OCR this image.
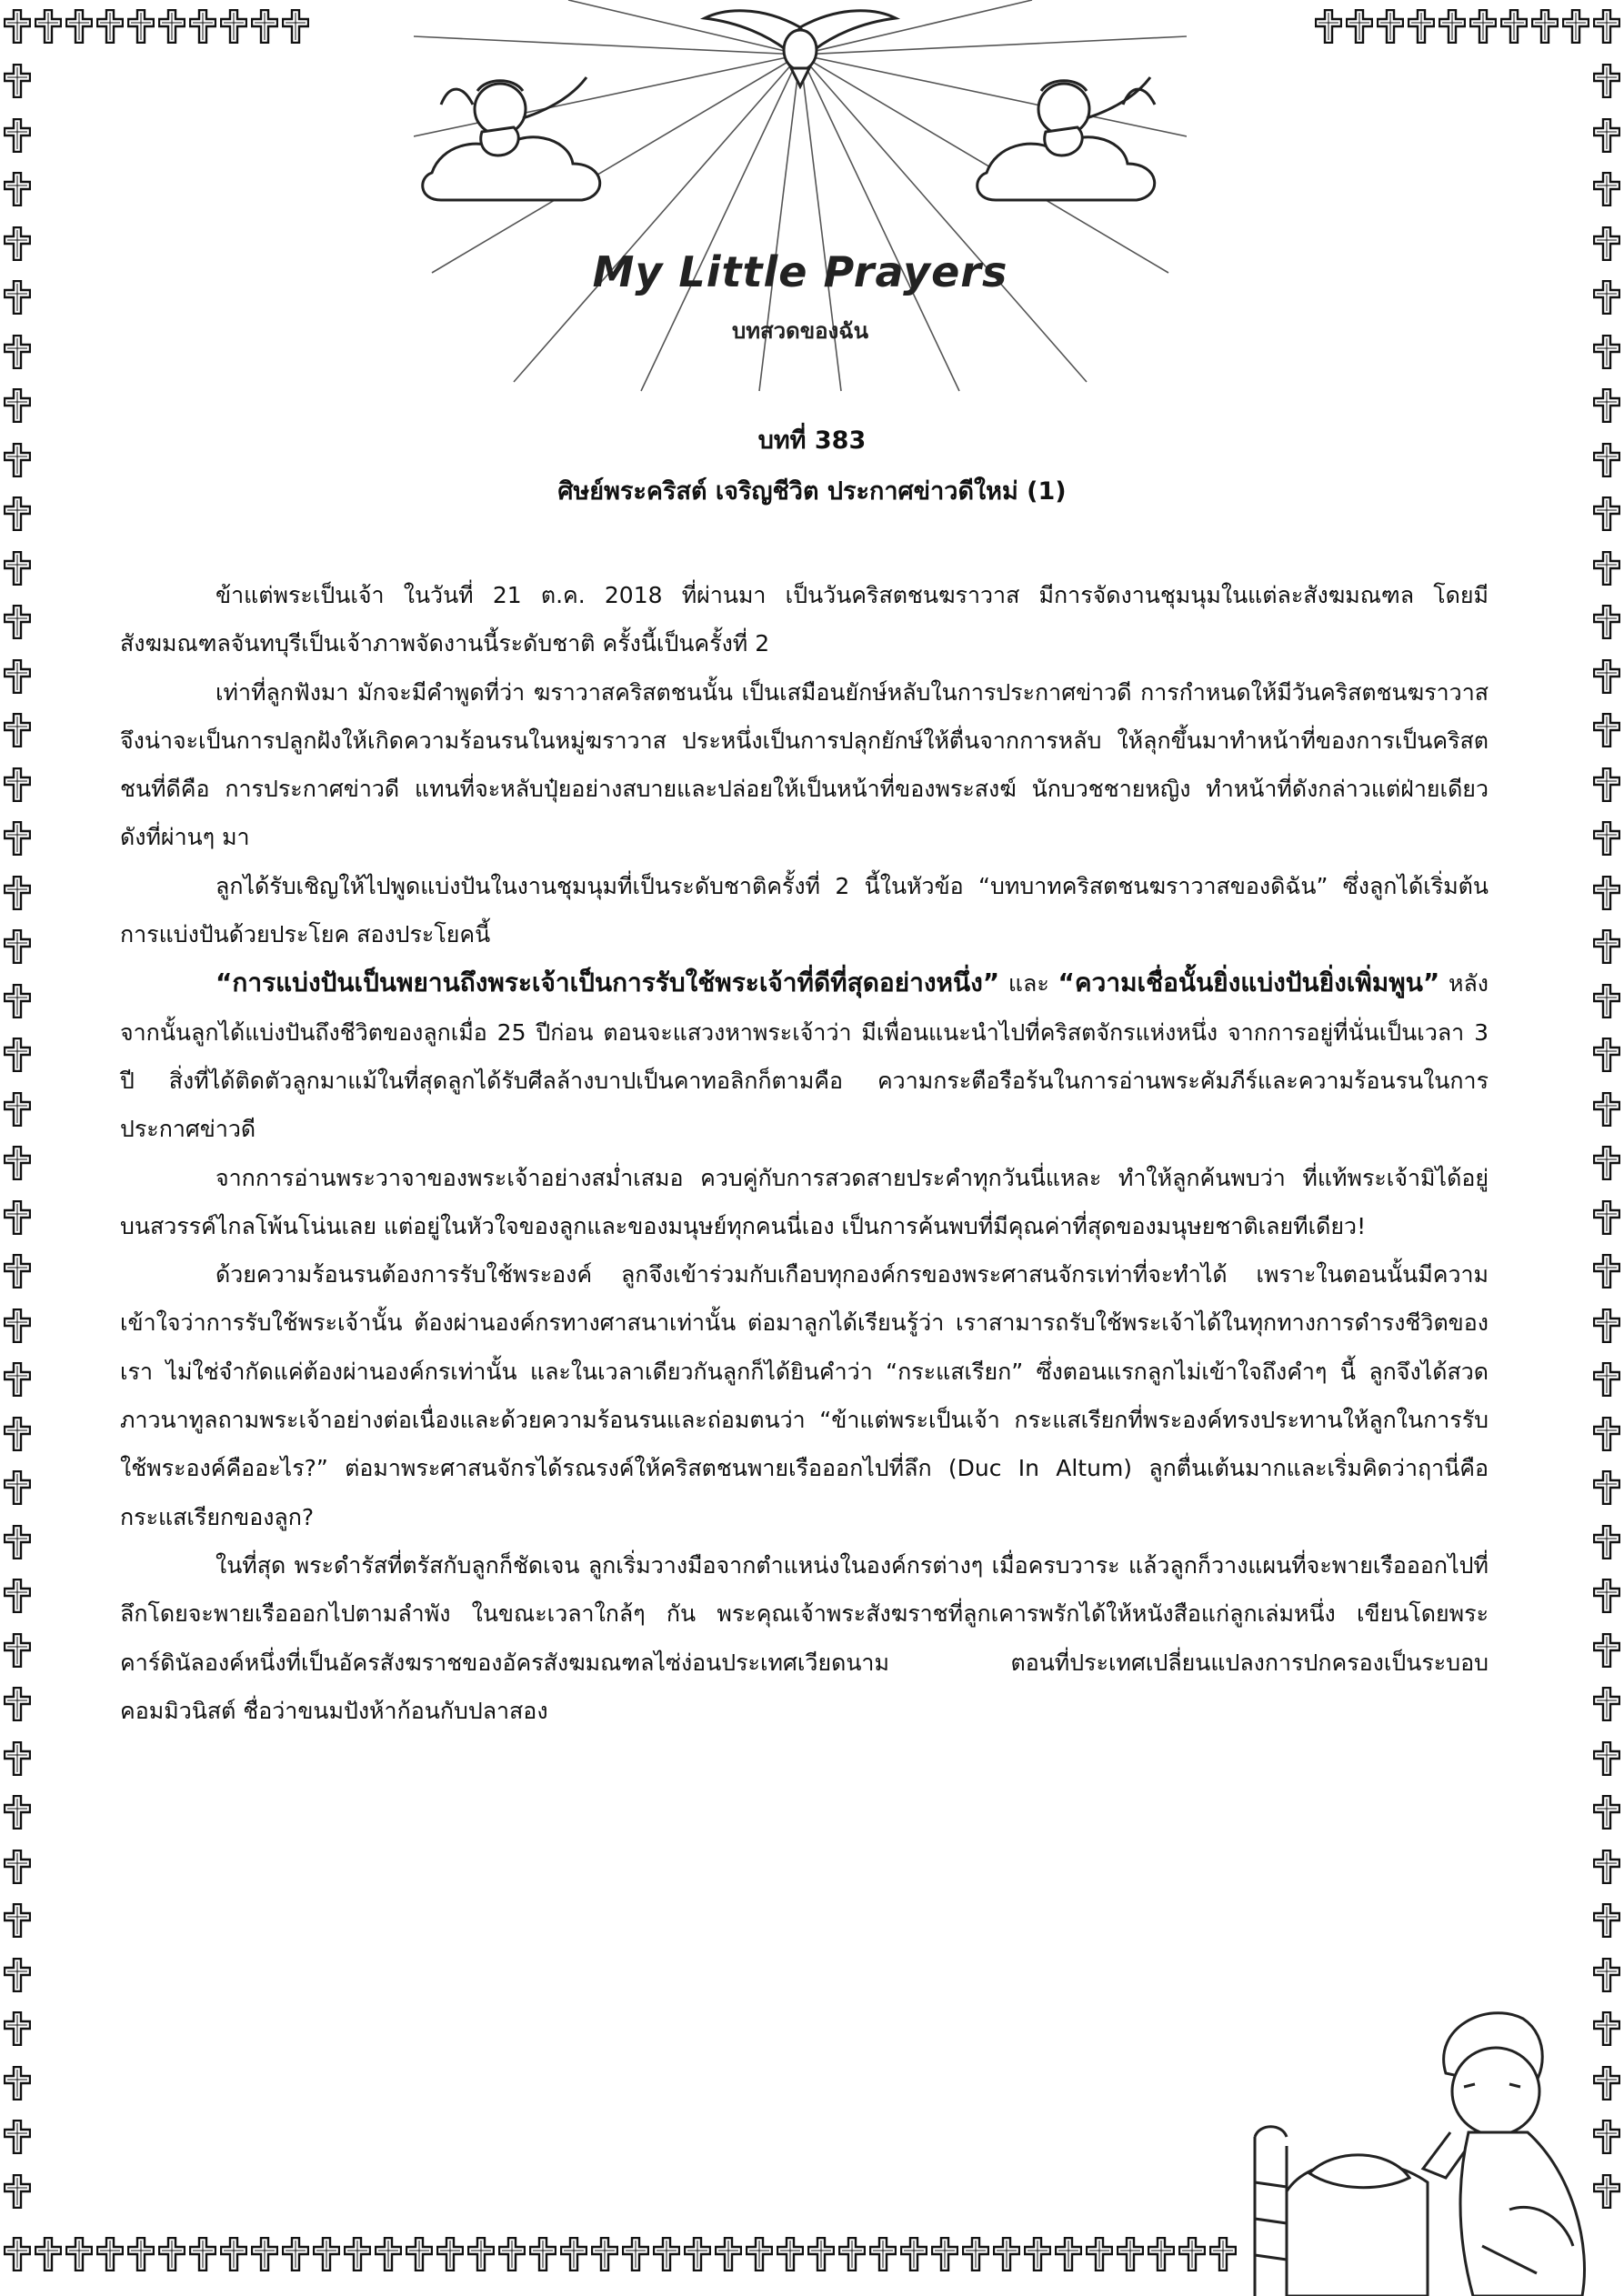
My Little Prayers
บทสวดของฉัน
บทที่ 383
ศิษย์พระคริสต์ เจริญชีวิต ประกาศข่าวดีใหม่ (1)

ข้าแต่พระเป็นเจ้า ในวันที่ 21 ต.ค. 2018 ที่ผ่านมา เป็นวันคริสตชนฆราวาส มีการจัดงานชุมนุมในแต่ละสังฆมณฑล โดยมีสังฆมณฑลจันทบุรีเป็นเจ้าภาพจัดงานนี้ระดับชาติ ครั้งนี้เป็นครั้งที่ 2

เท่าที่ลูกฟังมา มักจะมีคำพูดที่ว่า ฆราวาสคริสตชนนั้น เป็นเสมือนยักษ์หลับในการประกาศข่าวดี การกำหนดให้มีวันคริสตชนฆราวาส จึงน่าจะเป็นการปลูกฝังให้เกิดความร้อนรนในหมู่ฆราวาส ประหนึ่งเป็นการปลุกยักษ์ให้ตื่นจากการหลับ ให้ลุกขึ้นมาทำหน้าที่ของการเป็นคริสตชนที่ดีคือ การประกาศข่าวดี แทนที่จะหลับปุ๋ยอย่างสบายและปล่อยให้เป็นหน้าที่ของพระสงฆ์ นักบวชชายหญิง ทำหน้าที่ดังกล่าวแต่ฝ่ายเดียว ดังที่ผ่านๆ มา

ลูกได้รับเชิญให้ไปพูดแบ่งปันในงานชุมนุมที่เป็นระดับชาติครั้งที่ 2 นี้ในหัวข้อ “บทบาทคริสตชนฆราวาสของดิฉัน” ซึ่งลูกได้เริ่มต้นการแบ่งปันด้วยประโยค สองประโยคนี้

“การแบ่งปันเป็นพยานถึงพระเจ้าเป็นการรับใช้พระเจ้าที่ดีที่สุดอย่างหนึ่ง” และ “ความเชื่อนั้นยิ่งแบ่งปันยิ่งเพิ่มพูน” หลังจากนั้นลูกได้แบ่งปันถึงชีวิตของลูกเมื่อ 25 ปีก่อน ตอนจะแสวงหาพระเจ้าว่า มีเพื่อนแนะนำไปที่คริสตจักรแห่งหนึ่ง จากการอยู่ที่นั่นเป็นเวลา 3 ปี สิ่งที่ได้ติดตัวลูกมาแม้ในที่สุดลูกได้รับศีลล้างบาปเป็นคาทอลิกก็ตามคือ ความกระตือรือร้นในการอ่านพระคัมภีร์และความร้อนรนในการประกาศข่าวดี

จากการอ่านพระวาจาของพระเจ้าอย่างสม่ำเสมอ ควบคู่กับการสวดสายประคำทุกวันนี่แหละ ทำให้ลูกค้นพบว่า ที่แท้พระเจ้ามิได้อยู่บนสวรรค์ไกลโพ้นโน่นเลย แต่อยู่ในหัวใจของลูกและของมนุษย์ทุกคนนี่เอง เป็นการค้นพบที่มีคุณค่าที่สุดของมนุษยชาติเลยทีเดียว!

ด้วยความร้อนรนต้องการรับใช้พระองค์ ลูกจึงเข้าร่วมกับเกือบทุกองค์กรของพระศาสนจักรเท่าที่จะทำได้ เพราะในตอนนั้นมีความเข้าใจว่าการรับใช้พระเจ้านั้น ต้องผ่านองค์กรทางศาสนาเท่านั้น ต่อมาลูกได้เรียนรู้ว่า เราสามารถรับใช้พระเจ้าได้ในทุกทางการดำรงชีวิตของเรา ไม่ใช่จำกัดแค่ต้องผ่านองค์กรเท่านั้น และในเวลาเดียวกันลูกก็ได้ยินคำว่า “กระแสเรียก” ซึ่งตอนแรกลูกไม่เข้าใจถึงคำๆ นี้ ลูกจึงได้สวดภาวนาทูลถามพระเจ้าอย่างต่อเนื่องและด้วยความร้อนรนและถ่อมตนว่า “ข้าแต่พระเป็นเจ้า กระแสเรียกที่พระองค์ทรงประทานให้ลูกในการรับใช้พระองค์คืออะไร?” ต่อมาพระศาสนจักรได้รณรงค์ให้คริสตชนพายเรือออกไปที่ลึก (Duc In Altum) ลูกตื่นเต้นมากและเริ่มคิดว่าฤานี่คือกระแสเรียกของลูก?

ในที่สุด พระดำรัสที่ตรัสกับลูกก็ชัดเจน ลูกเริ่มวางมือจากตำแหน่งในองค์กรต่างๆ เมื่อครบวาระ แล้วลูกก็วางแผนที่จะพายเรือออกไปที่ลึกโดยจะพายเรือออกไปตามลำพัง ในขณะเวลาใกล้ๆ กัน พระคุณเจ้าพระสังฆราชที่ลูกเคารพรักได้ให้หนังสือแก่ลูกเล่มหนึ่ง เขียนโดยพระคาร์ดินัลองค์หนึ่งที่เป็นอัครสังฆราชของอัครสังฆมณฑลไซ่ง่อนประเทศเวียดนาม ตอนที่ประเทศเปลี่ยนแปลงการปกครองเป็นระบอบคอมมิวนิสต์ ชื่อว่าขนมปังห้าก้อนกับปลาสอง
